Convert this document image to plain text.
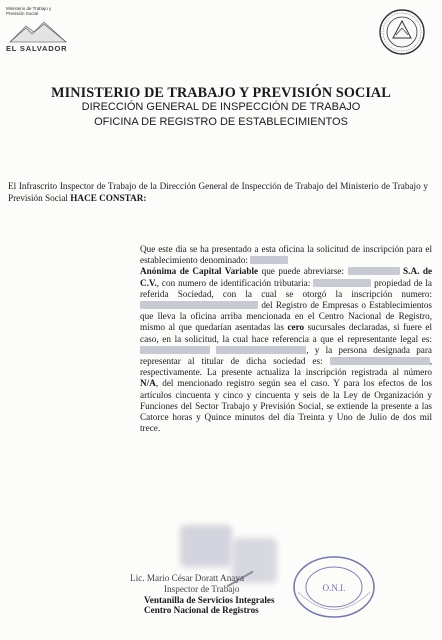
Ministerio de Trabajo y Previsión Social
EL SALVADOR
MINISTERIO DE TRABAJO Y PREVISIÓN SOCIAL
DIRECCIÓN GENERAL DE INSPECCIÓN DE TRABAJO
OFICINA DE REGISTRO DE ESTABLECIMIENTOS
El Infrascrito Inspector de Trabajo de la Dirección General de Inspección de Trabajo del Ministerio de Trabajo y Previsión Social HACE CONSTAR:
Que este día se ha presentado a esta oficina la solicitud de inscripción para el establecimiento denominado:
Anónima de Capital Variable que puede abreviarse:	S.A. de C.V., con numero de identificación tributaria:	propiedad de la referida Sociedad, con la cual se otorgó la inscripción numero:  del Registro de Empresas o Establecimientos que lleva la oficina arriba mencionada en el Centro Nacional de Registro, mismo al que quedarían asentadas las cero sucursales declaradas, si fuere el caso, en la solicitud, la cual hace referencia a que el representante legal es:  , y la persona designada para representar al titular de dicha sociedad es:	, respectivamente. La presente actualiza la inscripción registrada al número N/A, del mencionado registro según sea el caso. Y para los efectos de los artículos cincuenta y cinco y cincuenta y seis de la Ley de Organización y Funciones del Sector Trabajo y Previsión Social, se extiende la presente a las Catorce horas y Quince minutos del día Treinta y Uno de Julio de dos mil trece.
Lic. Mario César Doratt Anaya
Inspector de Trabajo
Ventanilla de Servicios Integrales
Centro Nacional de Registros
O.N.I.
